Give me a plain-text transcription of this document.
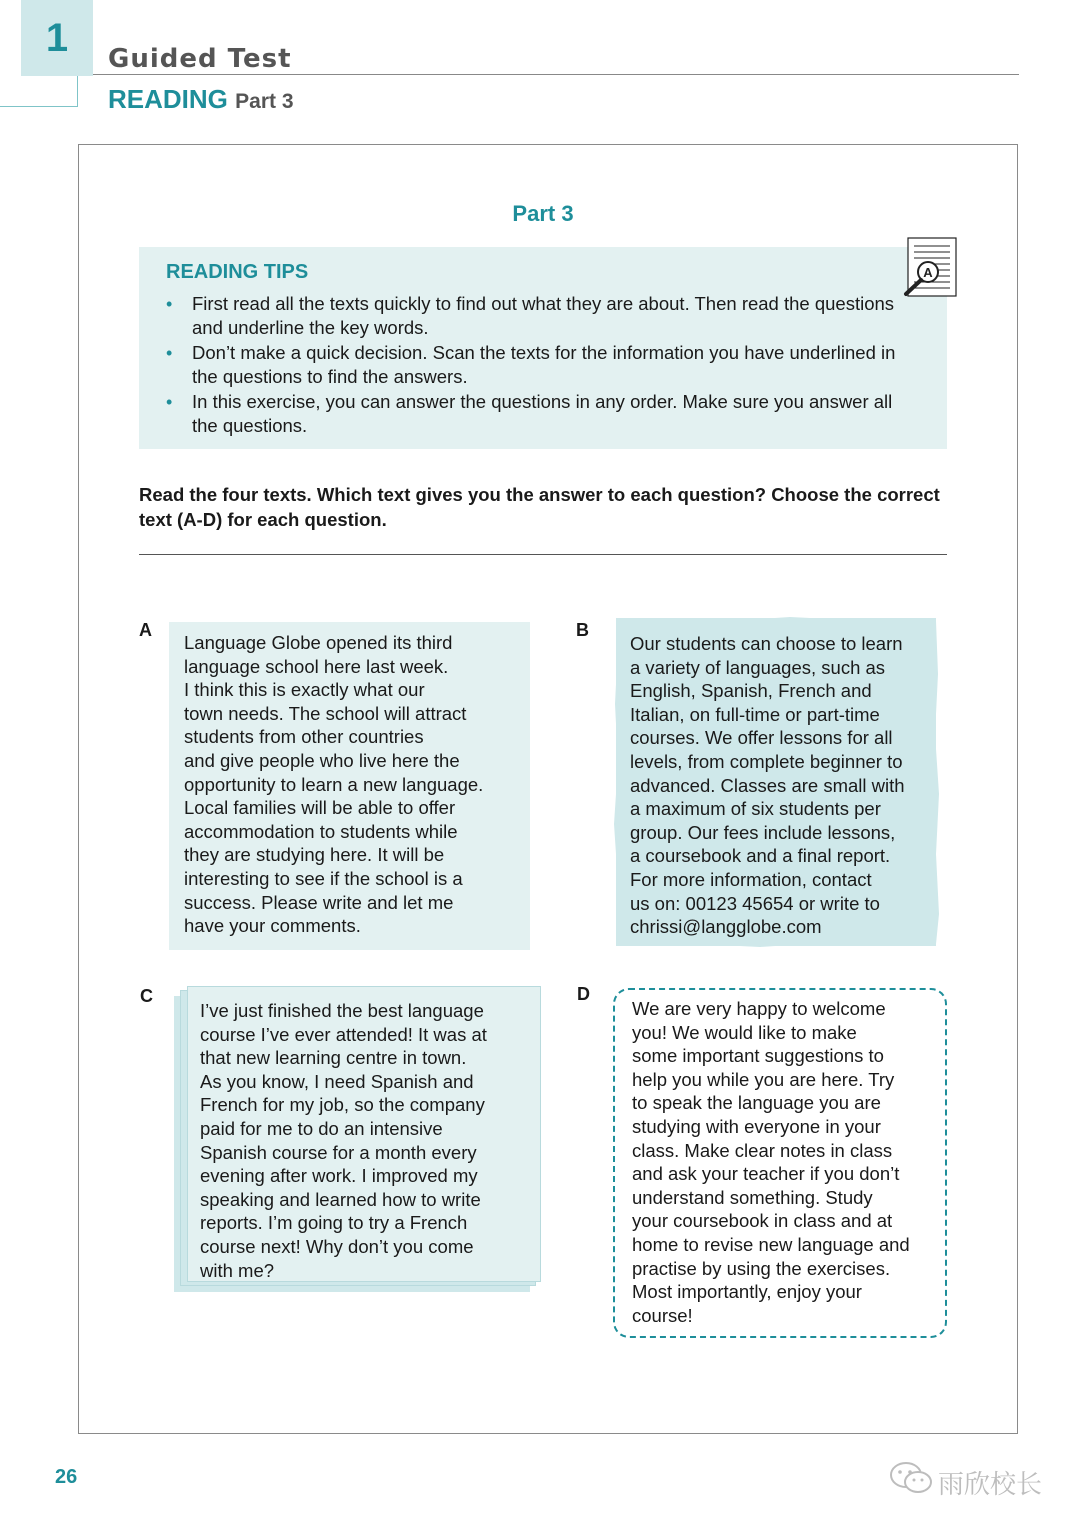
1	Guided Test
READING Part 3
Part 3
READING TIPS
• First read all the texts quickly to find out what they are about. Then read the questions and underline the key words.
• Don’t make a quick decision. Scan the texts for the information you have underlined in the questions to find the answers.
• In this exercise, you can answer the questions in any order. Make sure you answer all the questions.
A
Read the four texts. Which text gives you the answer to each question? Choose the correct text (A-D) for each question.
A
Language Globe opened its third
language school here last week.
I think this is exactly what our
town needs. The school will attract
students from other countries
and give people who live here the
opportunity to learn a new language.
Local families will be able to offer
accommodation to students while
they are studying here. It will be
interesting to see if the school is a
success. Please write and let me
have your comments.
B
Our students can choose to learn
a variety of languages, such as
English, Spanish, French and
Italian, on full-time or part-time
courses. We offer lessons for all
levels, from complete beginner to
advanced. Classes are small with
a maximum of six students per
group. Our fees include lessons,
a coursebook and a final report.
For more information, contact
us on: 00123 45654 or write to
chrissi@langglobe.com
C
I’ve just finished the best language
course I’ve ever attended! It was at
that new learning centre in town.
As you know, I need Spanish and
French for my job, so the company
paid for me to do an intensive
Spanish course for a month every
evening after work. I improved my
speaking and learned how to write
reports. I’m going to try a French
course next! Why don’t you come
with me?
D
We are very happy to welcome
you! We would like to make
some important suggestions to
help you while you are here. Try
to speak the language you are
studying with everyone in your
class. Make clear notes in class
and ask your teacher if you don’t
understand something. Study
your coursebook in class and at
home to revise new language and
practise by using the exercises.
Most importantly, enjoy your
course!
26	雨欣校长
